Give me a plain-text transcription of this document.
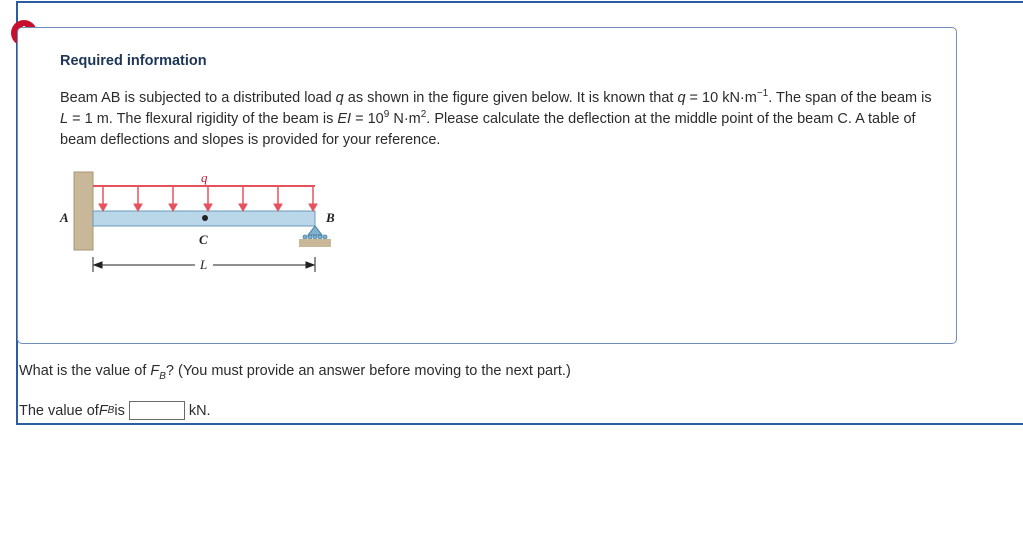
Required information
Beam AB is subjected to a distributed load q as shown in the figure given below. It is known that q = 10 $kN\cdot m^{-1}$. The span of the beam is L = 1 m. The flexural rigidity of the beam is EI = $10^9$ $N\cdot m^2$. Please calculate the deflection at the middle point of the beam C. A table of beam deflections and slopes is provided for your reference.
q
A	B
C
L
What is the value of $F_B$? (You must provide an answer before moving to the next part.)
The value of F B is	kN.
